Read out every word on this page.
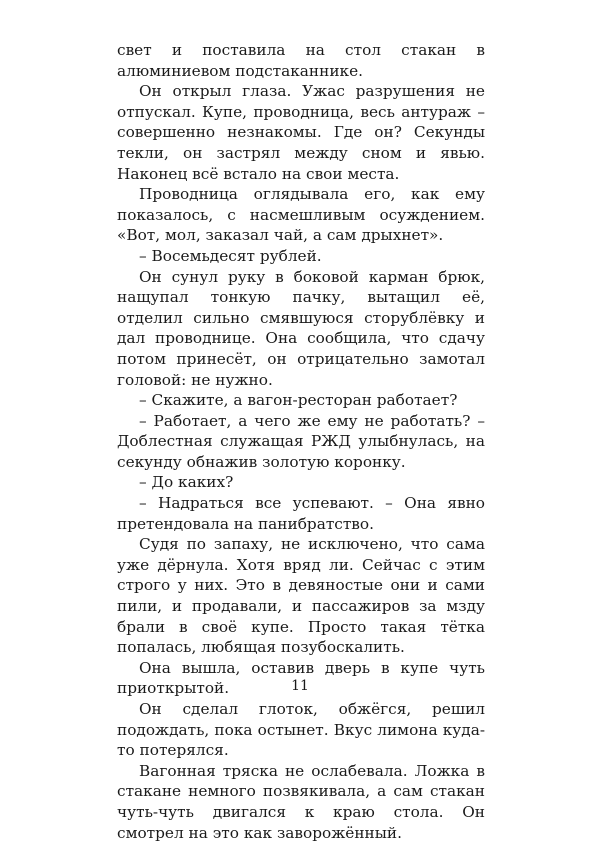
свет и поставила на стол стакан в алюминиевом подстаканнике.

Он открыл глаза. Ужас разрушения не отпускал. Купе, проводница, весь антураж – совершенно незнакомы. Где он? Секунды текли, он застрял между сном и явью. Наконец всё встало на свои места.

Проводница оглядывала его, как ему показалось, с насмешливым осуждением. «Вот, мол, заказал чай, а сам дрыхнет».

– Восемьдесят рублей.

Он сунул руку в боковой карман брюк, нащупал тонкую пачку, вытащил её, отделил сильно смявшуюся сторублёвку и дал проводнице. Она сообщила, что сдачу потом принесёт, он отрицательно замотал головой: не нужно.

– Скажите, а вагон-ресторан работает?

– Работает, а чего же ему не работать? – Доблестная служащая РЖД улыбнулась, на секунду обнажив золотую коронку.

– До каких?

– Надраться все успевают. – Она явно претендовала на панибратство.

Судя по запаху, не исключено, что сама уже дёрнула. Хотя вряд ли. Сейчас с этим строго у них. Это в девяностые они и сами пили, и продавали, и пассажиров за мзду брали в своё купе. Просто такая тётка попалась, любящая позубоскалить.

Она вышла, оставив дверь в купе чуть приоткрытой.

Он сделал глоток, обжёгся, решил подождать, пока остынет. Вкус лимона куда-то потерялся.

Вагонная тряска не ослабевала. Ложка в стакане немного позвякивала, а сам стакан чуть-чуть двигался к краю стола. Он смотрел на это как заворожённый.

11
